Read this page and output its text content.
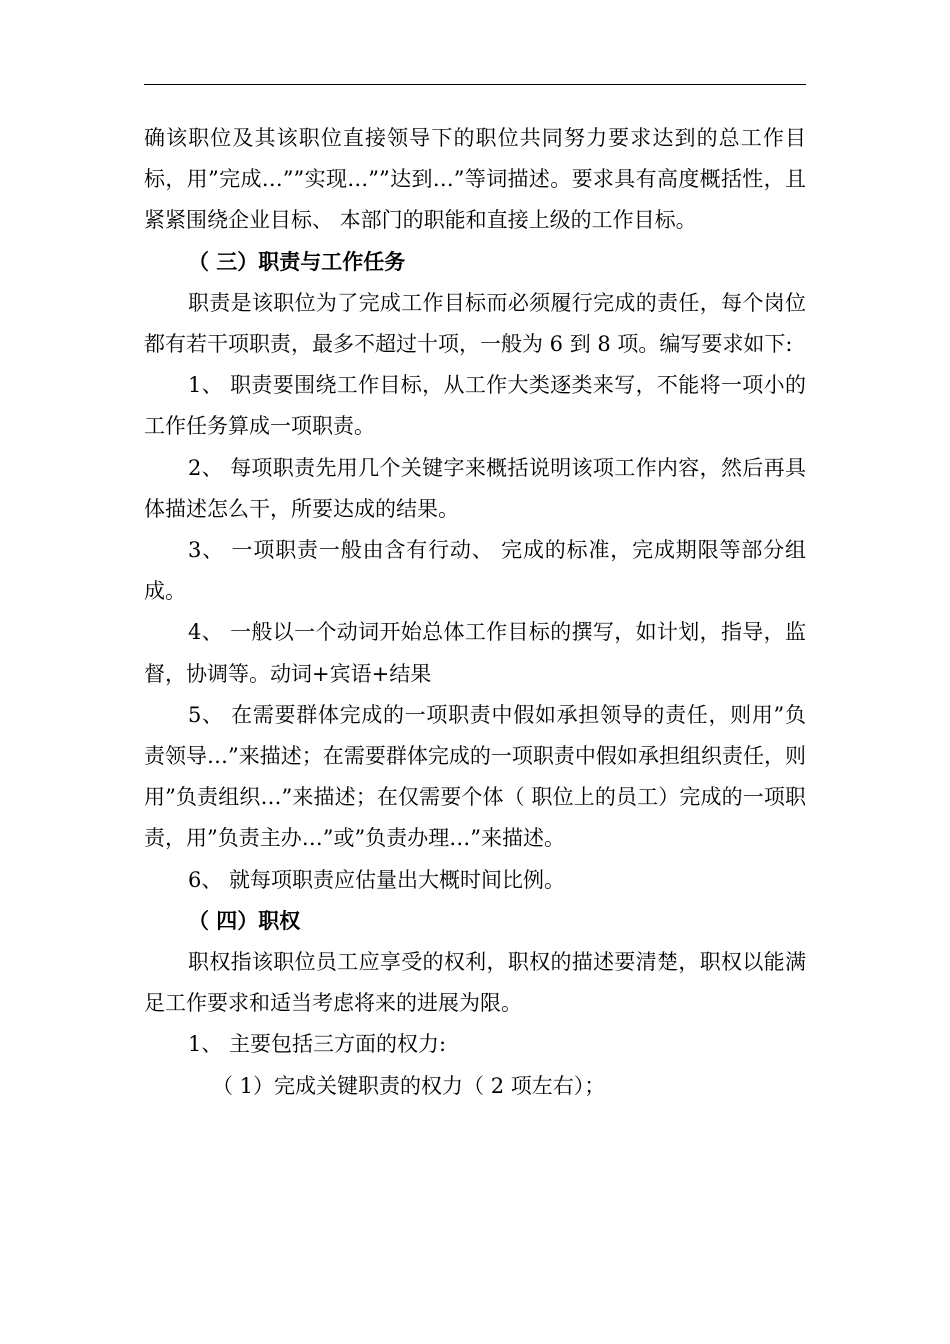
确该职位及其该职位直接领导下的职位共同努力要求达到的总工作目标，用”完成…””实现…””达到…”等词描述。要求具有高度概括性，且紧紧围绕企业目标、 本部门的职能和直接上级的工作目标。

（ 三）职责与工作任务

职责是该职位为了完成工作目标而必须履行完成的责任，每个岗位都有若干项职责，最多不超过十项，一般为 6 到 8 项。编写要求如下:

1、 职责要围绕工作目标，从工作大类逐类来写，不能将一项小的工作任务算成一项职责。

2、 每项职责先用几个关键字来概括说明该项工作内容，然后再具体描述怎么干，所要达成的结果。

3、 一项职责一般由含有行动、 完成的标准，完成期限等部分组成。

4、 一般以一个动词开始总体工作目标的撰写，如计划，指导，监督，协调等。动词+宾语+结果

5、 在需要群体完成的一项职责中假如承担领导的责任，则用”负责领导…”来描述；在需要群体完成的一项职责中假如承担组织责任，则用”负责组织…”来描述；在仅需要个体（ 职位上的员工）完成的一项职责，用”负责主办…”或”负责办理…”来描述。

6、 就每项职责应估量出大概时间比例。

（ 四）职权

职权指该职位员工应享受的权利，职权的描述要清楚，职权以能满足工作要求和适当考虑将来的进展为限。

1、 主要包括三方面的权力:

（ 1）完成关键职责的权力（ 2 项左右）；
